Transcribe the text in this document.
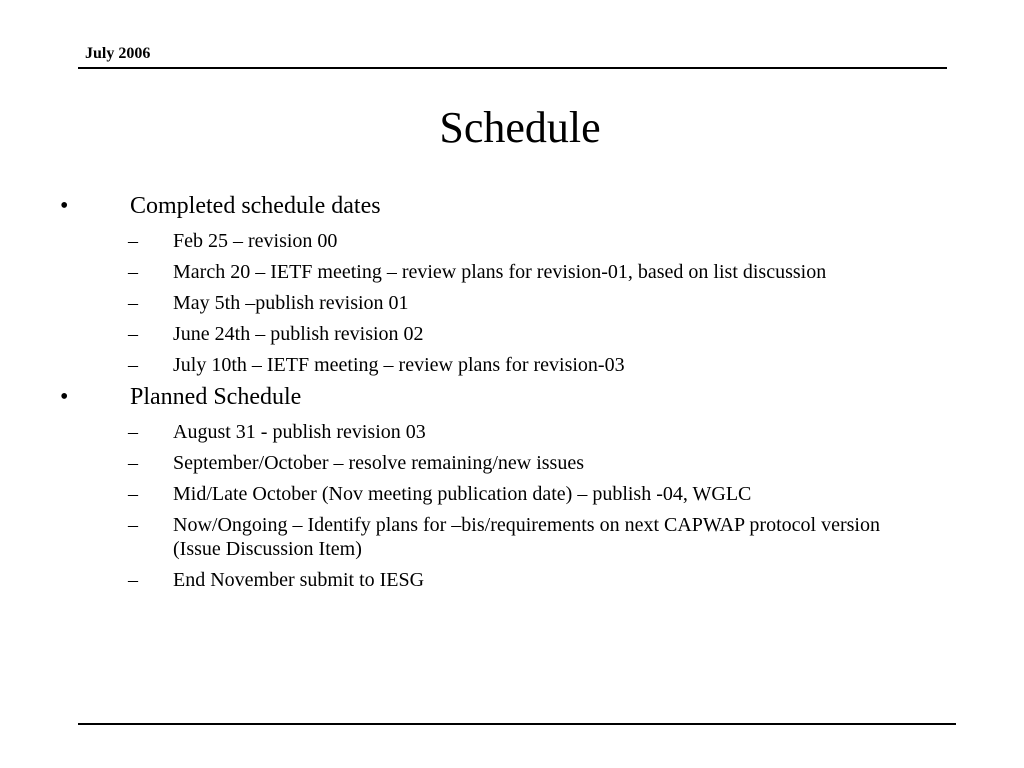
July 2006
Schedule
•	Completed schedule dates
– Feb 25 – revision 00
– March 20 – IETF meeting – review plans for revision-01, based on list discussion
– May 5th –publish revision 01
– June 24th – publish revision 02
– July 10th – IETF meeting – review plans for revision-03
•	Planned Schedule
– August 31 - publish revision 03
– September/October – resolve remaining/new issues
– Mid/Late October (Nov meeting publication date) – publish -04, WGLC
– Now/Ongoing – Identify plans for –bis/requirements on next CAPWAP protocol version (Issue Discussion Item)
– End November submit to IESG
